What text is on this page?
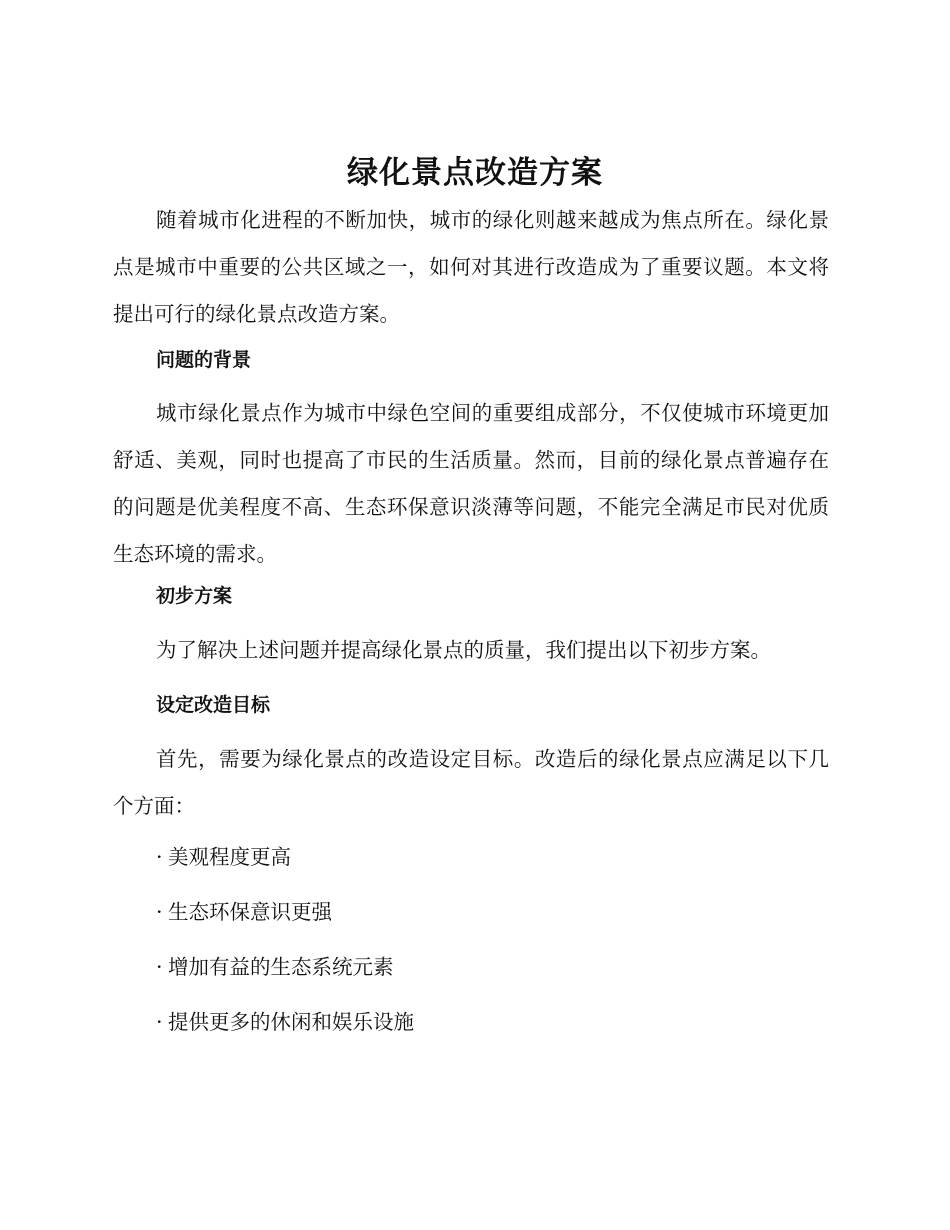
绿化景点改造方案

随着城市化进程的不断加快，城市的绿化则越来越成为焦点所在。绿化景点是城市中重要的公共区域之一，如何对其进行改造成为了重要议题。本文将提出可行的绿化景点改造方案。

问题的背景

城市绿化景点作为城市中绿色空间的重要组成部分，不仅使城市环境更加舒适、美观，同时也提高了市民的生活质量。然而，目前的绿化景点普遍存在的问题是优美程度不高、生态环保意识淡薄等问题，不能完全满足市民对优质生态环境的需求。

初步方案

为了解决上述问题并提高绿化景点的质量，我们提出以下初步方案。

设定改造目标

首先，需要为绿化景点的改造设定目标。改造后的绿化景点应满足以下几个方面：

· 美观程度更高
· 生态环保意识更强
· 增加有益的生态系统元素
· 提供更多的休闲和娱乐设施
